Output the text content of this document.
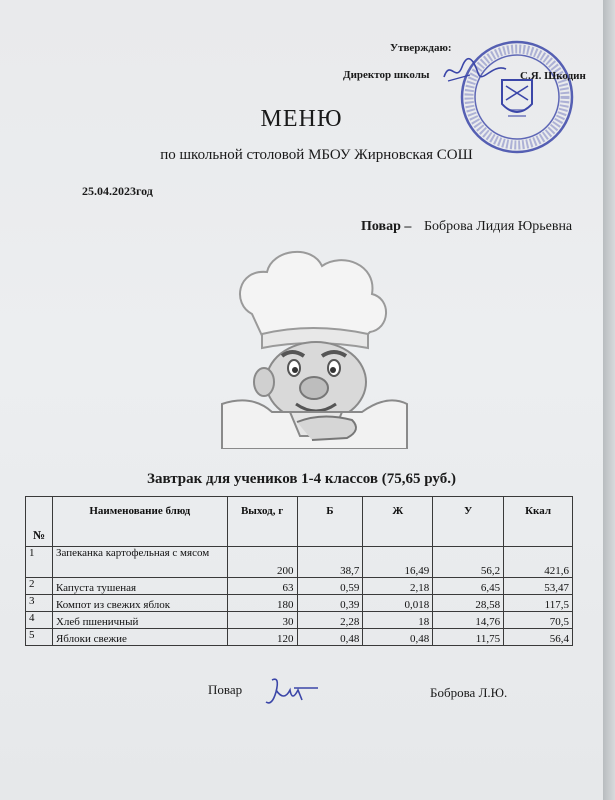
Утверждаю:
Директор школы	С.Я. Шкодин
МЕНЮ
по школьной столовой МБОУ Жирновская СОШ
25.04.2023год
Повар – Боброва Лидия Юрьевна
Завтрак для учеников 1-4 классов (75,65 руб.)
№	Наименование блюд	Выход, г	Б	Ж	У	Ккал
1	Запеканка картофельная с мясом	200	38,7	16,49	56,2	421,6
2	Капуста тушеная	63	0,59	2,18	6,45	53,47
3	Компот из свежих яблок	180	0,39	0,018	28,58	117,5
4	Хлеб пшеничный	30	2,28	18	14,76	70,5
5	Яблоки свежие	120	0,48	0,48	11,75	56,4
Повар	Боброва Л.Ю.
